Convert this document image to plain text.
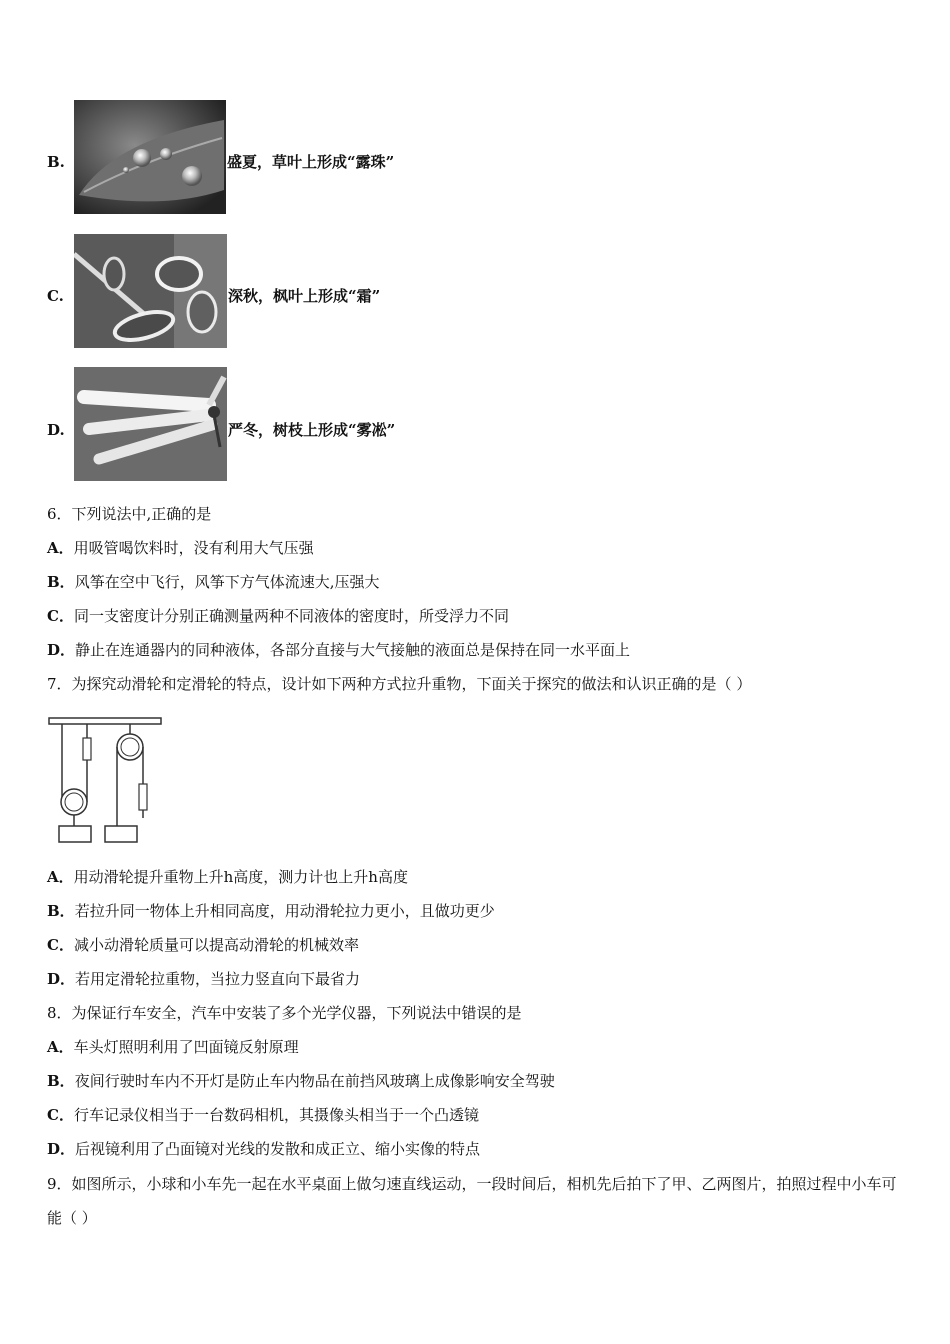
B.	盛夏，草叶上形成“露珠”
C.	深秋，枫叶上形成“霜”
D.	严冬，树枝上形成“雾凇”
6．下列说法中,正确的是
A．用吸管喝饮料时，没有利用大气压强
B．风筝在空中飞行，风筝下方气体流速大,压强大
C．同一支密度计分别正确测量两种不同液体的密度时，所受浮力不同
D．静止在连通器内的同种液体，各部分直接与大气接触的液面总是保持在同一水平面上
7．为探究动滑轮和定滑轮的特点，设计如下两种方式拉升重物，下面关于探究的做法和认识正确的是（ ）
A．用动滑轮提升重物上升h高度，测力计也上升h高度
B．若拉升同一物体上升相同高度，用动滑轮拉力更小，且做功更少
C．减小动滑轮质量可以提高动滑轮的机械效率
D．若用定滑轮拉重物，当拉力竖直向下最省力
8．为保证行车安全，汽车中安装了多个光学仪器，下列说法中错误的是
A．车头灯照明利用了凹面镜反射原理
B．夜间行驶时车内不开灯是防止车内物品在前挡风玻璃上成像影响安全驾驶
C．行车记录仪相当于一台数码相机，其摄像头相当于一个凸透镜
D．后视镜利用了凸面镜对光线的发散和成正立、缩小实像的特点
9．如图所示，小球和小车先一起在水平桌面上做匀速直线运动，一段时间后，相机先后拍下了甲、乙两图片，拍照过程中小车可能（ ）
